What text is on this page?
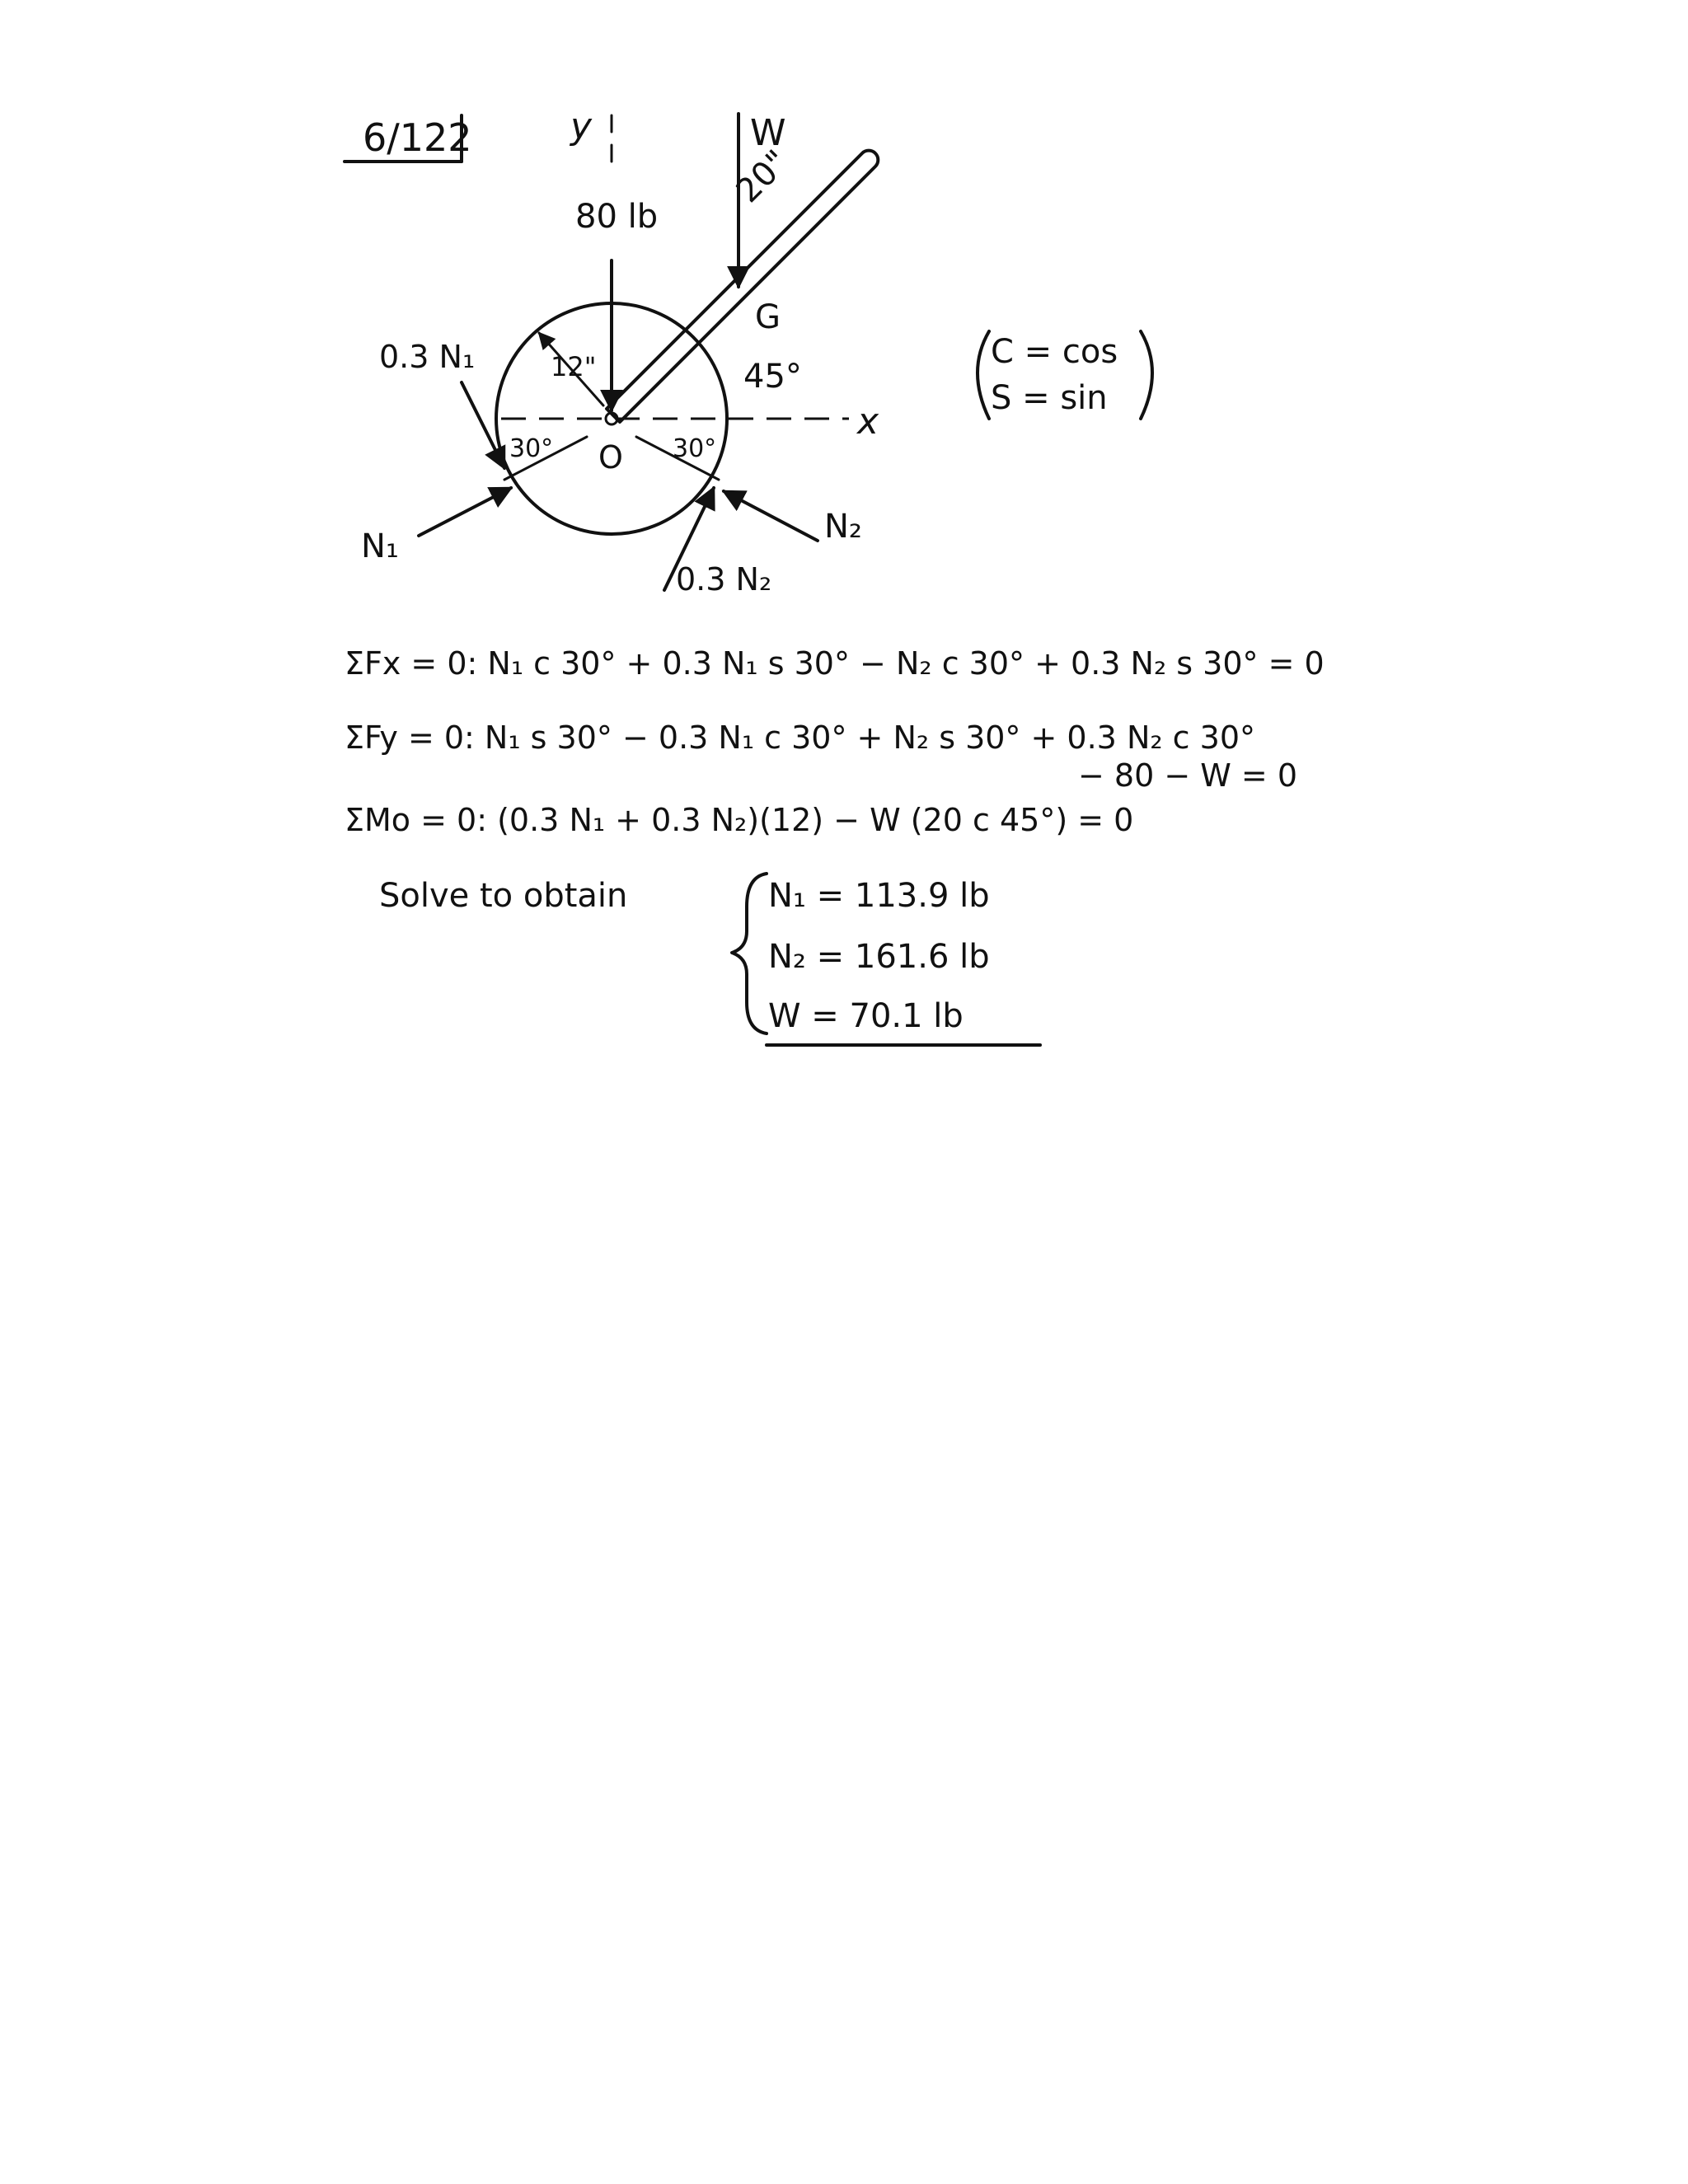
6/122	y
x
80 lb
20"
W
G
45°
12"
O
30°	30°
0.3 N₁
N₁
N₂
0.3 N₂
C = cos
S = sin
ΣFx = 0: N₁ c 30° + 0.3 N₁ s 30° − N₂ c 30° + 0.3 N₂ s 30° = 0
ΣFy = 0: N₁ s 30° − 0.3 N₁ c 30° + N₂ s 30° + 0.3 N₂ c 30°
− 80 − W = 0
ΣMo = 0: (0.3 N₁ + 0.3 N₂)(12) − W (20 c 45°) = 0
Solve to obtain	N₁ = 113.9 lb
N₂ = 161.6 lb
W = 70.1 lb
